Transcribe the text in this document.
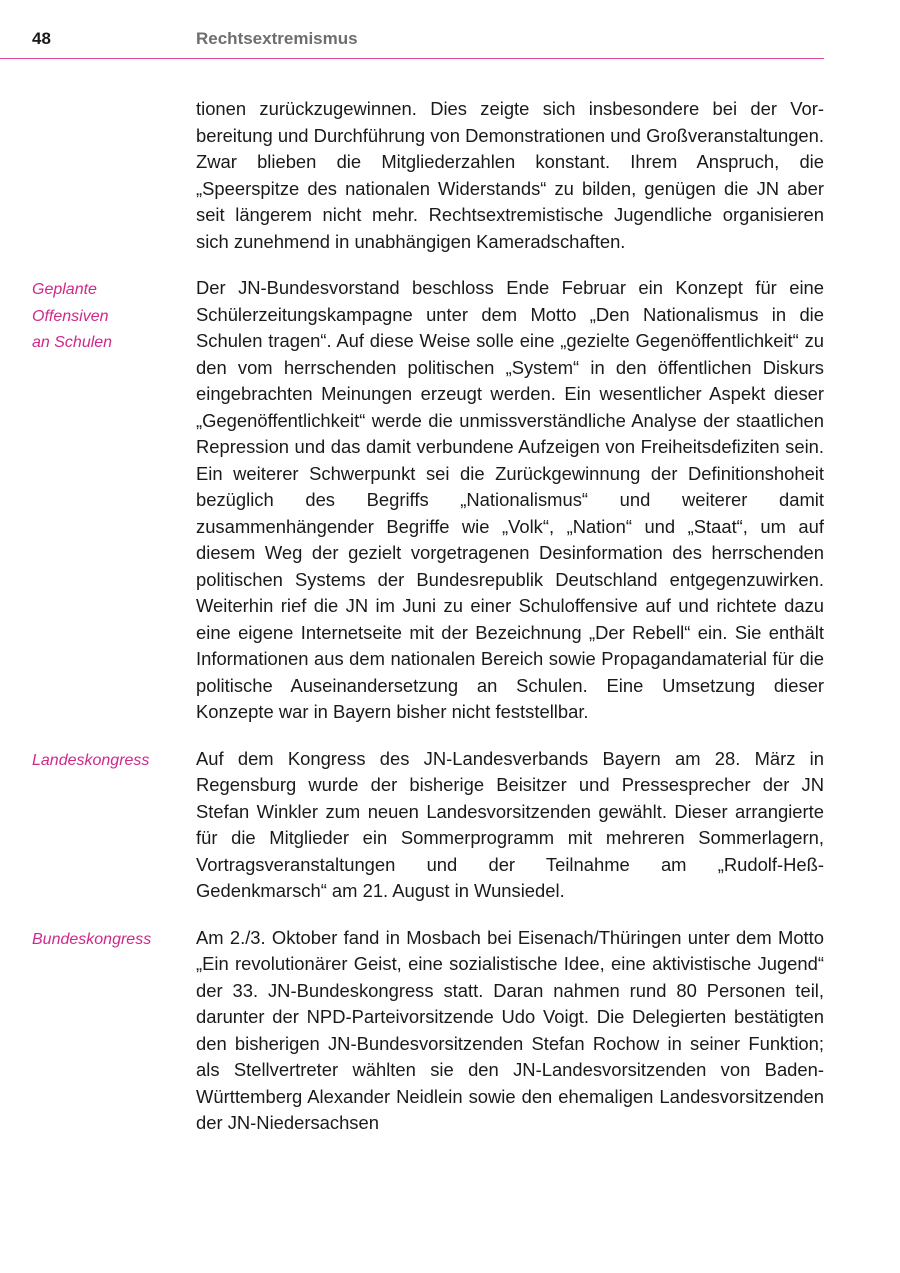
48	Rechtsextremismus

tionen zurückzugewinnen. Dies zeigte sich insbesondere bei der Vorbereitung und Durchführung von Demonstrationen und Großveranstaltungen. Zwar blieben die Mitgliederzahlen konstant. Ihrem Anspruch, die „Speerspitze des nationalen Widerstands“ zu bilden, genügen die JN aber seit längerem nicht mehr. Rechtsextremistische Jugendliche organisieren sich zunehmend in unabhängigen Kameradschaften.

Geplante
Offensiven
an Schulen

Der JN-Bundesvorstand beschloss Ende Februar ein Konzept für eine Schülerzeitungskampagne unter dem Motto „Den Nationalismus in die Schulen tragen“. Auf diese Weise solle eine „gezielte Gegenöffentlichkeit“ zu den vom herrschenden politischen „System“ in den öffentlichen Diskurs eingebrachten Meinungen erzeugt werden. Ein wesentlicher Aspekt dieser „Gegenöffentlichkeit“ werde die unmissverständliche Analyse der staatlichen Repression und das damit verbundene Aufzeigen von Freiheitsdefiziten sein. Ein weiterer Schwerpunkt sei die Zurückgewinnung der Definitionshoheit bezüglich des Begriffs „Nationalismus“ und weiterer damit zusammenhängender Begriffe wie „Volk“, „Nation“ und „Staat“, um auf diesem Weg der gezielt vorgetragenen Desinformation des herrschenden politischen Systems der Bundesrepublik Deutschland entgegenzuwirken. Weiterhin rief die JN im Juni zu einer Schuloffensive auf und richtete dazu eine eigene Internetseite mit der Bezeichnung „Der Rebell“ ein. Sie enthält Informationen aus dem nationalen Bereich sowie Propagandamaterial für die politische Auseinandersetzung an Schulen. Eine Umsetzung dieser Konzepte war in Bayern bisher nicht feststellbar.

Landeskongress	Auf dem Kongress des JN-Landesverbands Bayern am 28. März in Regensburg wurde der bisherige Beisitzer und Pressesprecher der JN Stefan Winkler zum neuen Landesvorsitzenden gewählt. Dieser arrangierte für die Mitglieder ein Sommerprogramm mit mehreren Sommerlagern, Vortragsveranstaltungen und der Teilnahme am „Rudolf-Heß-Gedenkmarsch“ am 21. August in Wunsiedel.

Bundeskongress	Am 2./3. Oktober fand in Mosbach bei Eisenach/Thüringen unter dem Motto „Ein revolutionärer Geist, eine sozialistische Idee, eine aktivistische Jugend“ der 33. JN-Bundeskongress statt. Daran nahmen rund 80 Personen teil, darunter der NPD-Parteivorsitzende Udo Voigt. Die Delegierten bestätigten den bisherigen JN-Bundesvorsitzenden Stefan Rochow in seiner Funktion; als Stellvertreter wählten sie den JN-Landesvorsitzenden von Baden-Württemberg Alexander Neidlein sowie den ehemaligen Landesvorsitzenden der JN-Niedersachsen
